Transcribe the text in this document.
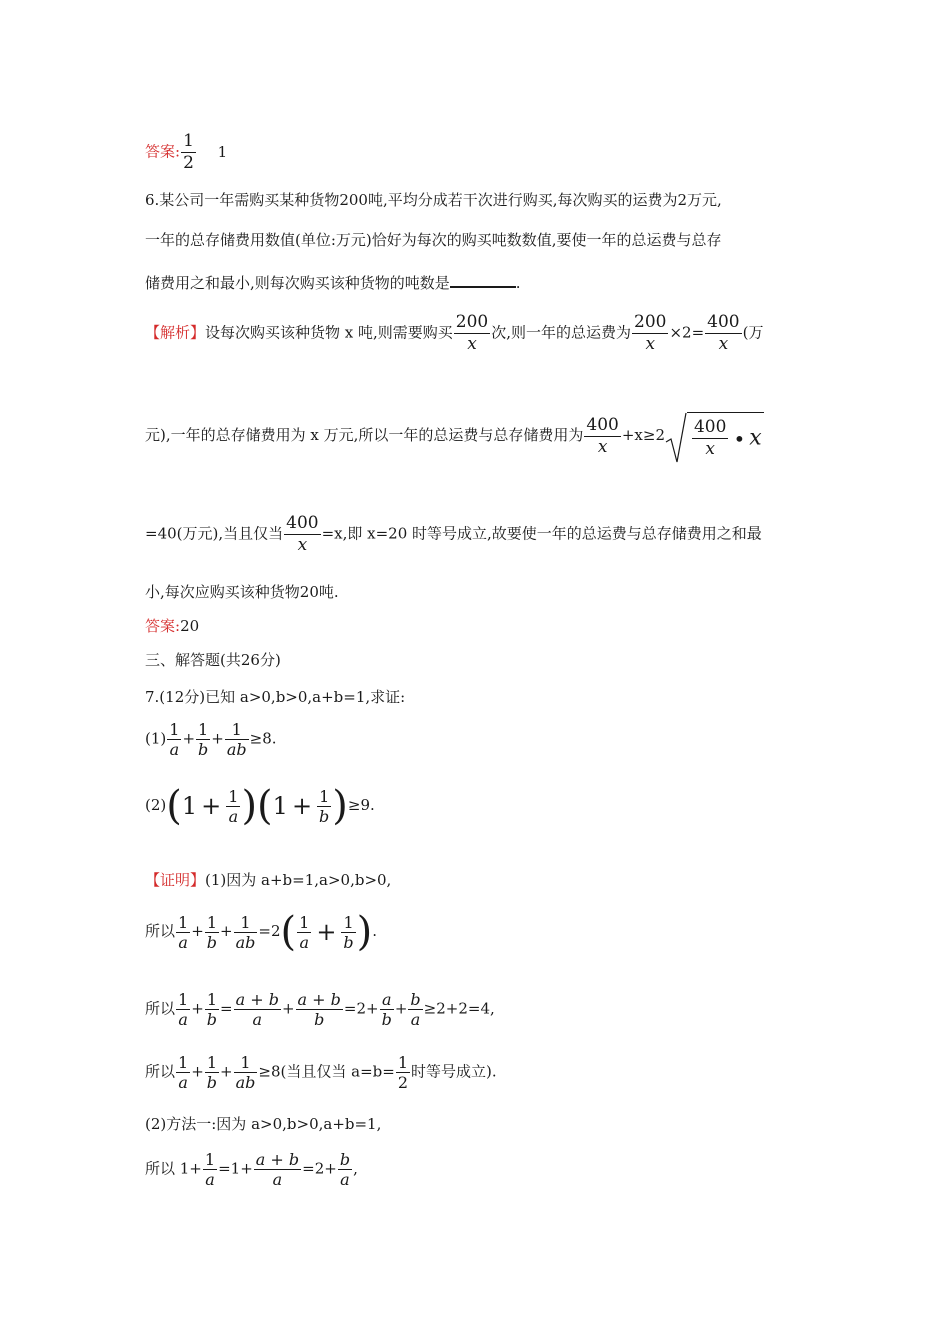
答案: $\frac{1}{2} 1$
6.某公司一年需购买某种货物200吨,平均分成若干次进行购买,每次购买的运费为2万元,
一年的总存储费用数值(单位:万元)恰好为每次的购买吨数数值,要使一年的总运费与总存
储费用之和最小,则每次购买该种货物的吨数是	.
【解析】设每次购买该种货物 x 吨,则需要购买 $\frac{200}{x}$ 次,则一年的总运费为 $\frac{200}{x} \times 2= \frac{400}{x}$ (万
元),一年的总存储费用为 x 万元,所以一年的总运费与总存储费用为 $\frac{400}{x} +x\ge 2 \frac{400}{x}$ • x
=40(万元),当且仅当 $\frac{400}{x} =x$,即 x=20 时等号成立,故要使一年的总运费与总存储费用之和最
小,每次应购买该种货物20吨.
答案:20
三、解答题(共26分)
7.(12分)已知 a>0,b>0,a+b=1,求证:
$(1) \frac{1}{a} + \frac{1}{b} + \frac{1}{ab} \ge 8$.
$(2)(1 + \frac{1}{a} )(1 + \frac{1}{b} )\ge 9$.
【证明】(1)因为 a+b=1,a>0,b>0,
所以 $\frac{1}{a} + \frac{1}{b} + \frac{1}{ab} =2( \frac{1}{a} + \frac{1}{b}$ ).
所以 $\frac{1}{a} + \frac{1}{b} = \frac{a + b}{a} + \frac{a + b}{b} =2+ \frac{a}{b} + \frac{b}{a} \ge 2+2=4$,
所以 $\frac{1}{a} + \frac{1}{b} + \frac{1}{ab} \ge 8$(当且仅当 $a=b= \frac{1}{2}$ 时等号成立).
(2)方法一:因为 a>0,b>0,a+b=1,
所以 $1+ \frac{1}{a} =1+ \frac{a + b}{a} =2+ \frac{b}{a}$ ,
